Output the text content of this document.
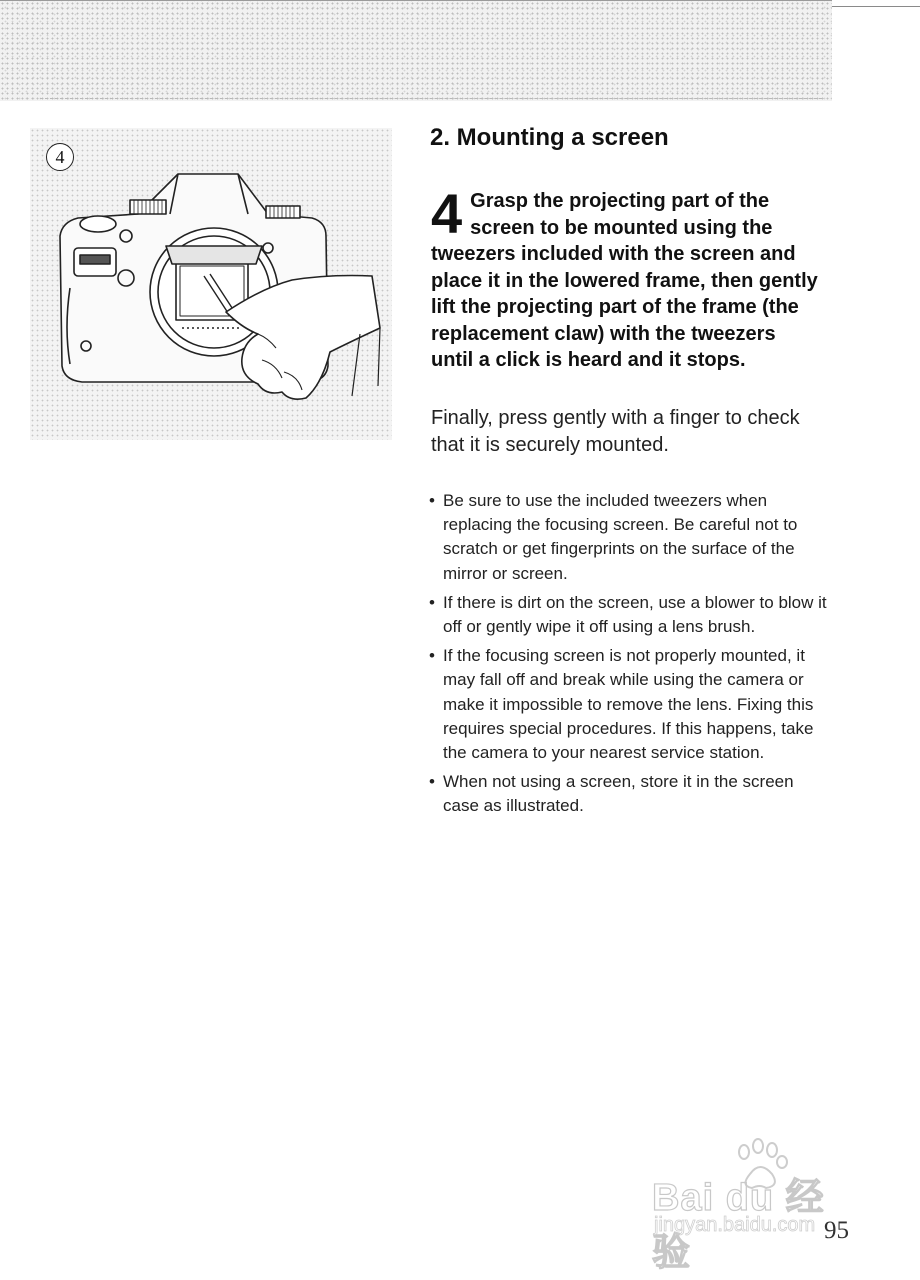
4
2. Mounting a screen
4 Grasp the projecting part of the screen to be mounted using the tweezers included with the screen and place it in the lowered frame, then gently lift the projecting part of the frame (the replacement claw) with the tweezers until a click is heard and it stops.

Finally, press gently with a finger to check that it is securely mounted.

• Be sure to use the included tweezers when replacing the focusing screen. Be careful not to scratch or get fingerprints on the surface of the mirror or screen.
• If there is dirt on the screen, use a blower to blow it off or gently wipe it off using a lens brush.
• If the focusing screen is not properly mounted, it may fall off and break while using the camera or make it impossible to remove the lens. Fixing this requires special procedures. If this happens, take the camera to your nearest service station.
• When not using a screen, store it in the screen case as illustrated.
Bai du 经验
jingyan.baidu.com 95
